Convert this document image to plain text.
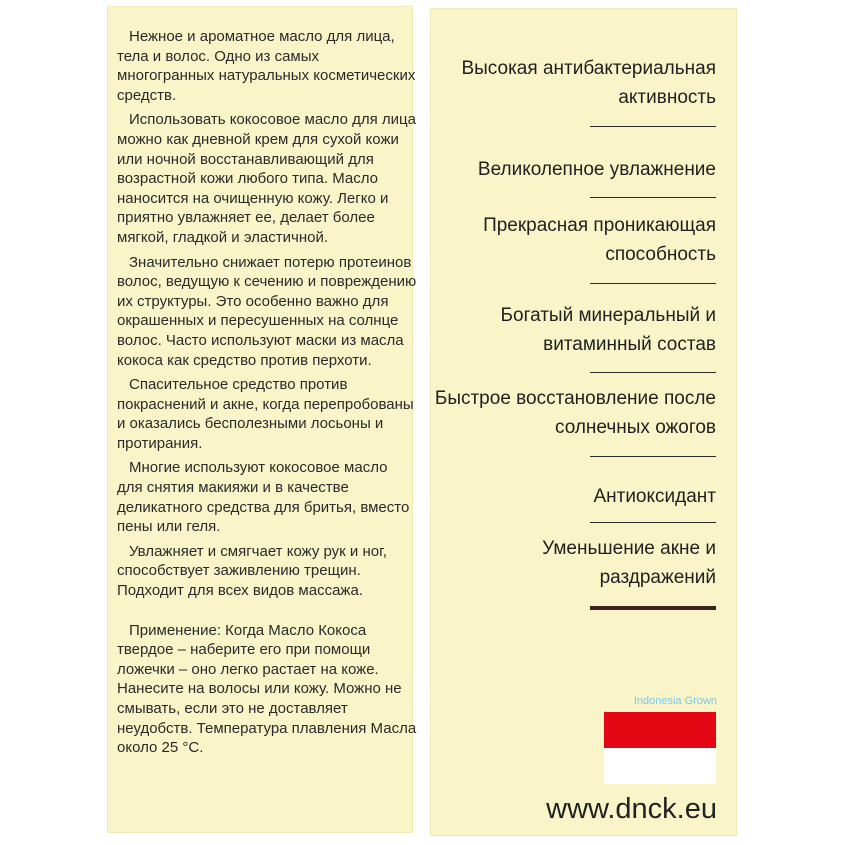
Нежное и ароматное масло для лица, тела и волос. Одно из самых многогранных натуральных косметических средств.

Использовать кокосовое масло для лица можно как дневной крем для сухой кожи или ночной восстанавливающий для возрастной кожи любого типа. Масло наносится на очищенную кожу. Легко и приятно увлажняет ее, делает более мягкой, гладкой и эластичной.

Значительно снижает потерю протеинов волос, ведущую к сечению и повреждению их структуры. Это особенно важно для окрашенных и пересушенных на солнце волос. Часто используют маски из масла кокоса как средство против перхоти.

Спасительное средство против покраснений и акне, когда перепробованы и оказались бесполезными лосьоны и протирания.

Многие используют кокосовое масло для снятия макияжи и в качестве деликатного средства для бритья, вместо пены или геля.

Увлажняет и смягчает кожу рук и ног, способствует заживлению трещин. Подходит для всех видов массажа.

Применение: Когда Масло Кокоса твердое – наберите его при помощи ложечки – оно легко растает на коже. Нанесите на волосы или кожу. Можно не смывать, если это не доставляет неудобств. Температура плавления Масла около 25 °С.

Высокая антибактериальная активность
Великолепное увлажнение
Прекрасная проникающая способность
Богатый минеральный и витаминный состав
Быстрое восстановление после солнечных ожогов
Антиоксидант
Уменьшение акне и раздражений
Indonesia Grown
www.dnck.eu
